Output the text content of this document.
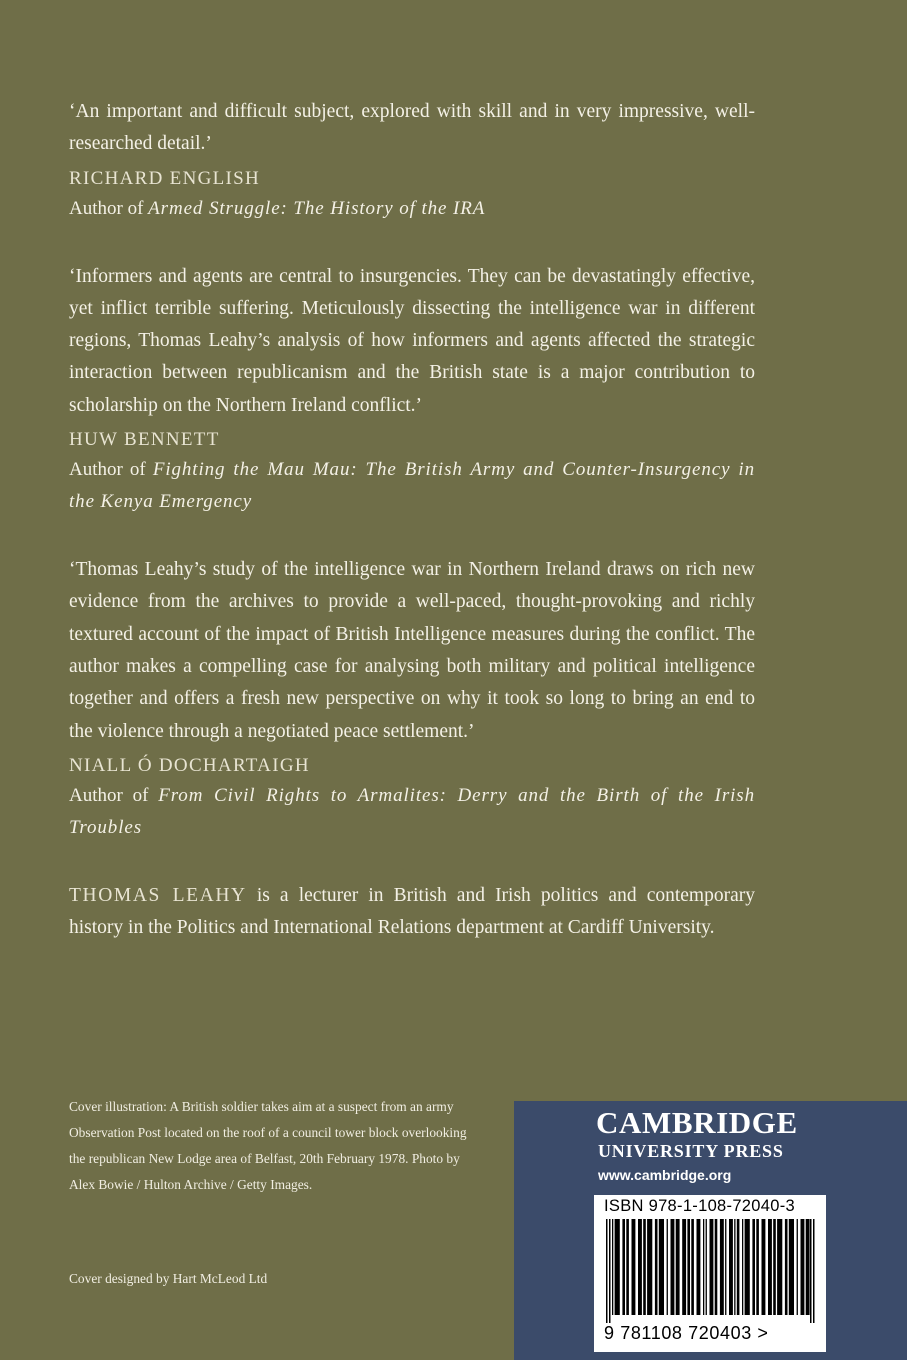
‘An important and difficult subject, explored with skill and in very impressive, well-researched detail.’

RICHARD ENGLISH

Author of Armed Struggle: The History of the IRA

‘Informers and agents are central to insurgencies. They can be devastatingly effective, yet inflict terrible suffering. Meticulously dissecting the intelligence war in different regions, Thomas Leahy’s analysis of how informers and agents affected the strategic interaction between republicanism and the British state is a major contribution to scholarship on the Northern Ireland conflict.’

HUW BENNETT

Author of Fighting the Mau Mau: The British Army and Counter-Insurgency in the Kenya Emergency

‘Thomas Leahy’s study of the intelligence war in Northern Ireland draws on rich new evidence from the archives to provide a well-paced, thought-provoking and richly textured account of the impact of British Intelligence measures during the conflict. The author makes a compelling case for analysing both military and political intelligence together and offers a fresh new perspective on why it took so long to bring an end to the violence through a negotiated peace settlement.’

NIALL Ó DOCHARTAIGH

Author of From Civil Rights to Armalites: Derry and the Birth of the Irish Troubles

THOMAS LEAHY is a lecturer in British and Irish politics and contemporary history in the Politics and International Relations department at Cardiff University.

Cover illustration: A British soldier takes aim at a suspect from an army Observation Post located on the roof of a council tower block overlooking the republican New Lodge area of Belfast, 20th February 1978. Photo by Alex Bowie / Hulton Archive / Getty Images.

Cover designed by Hart McLeod Ltd

CAMBRIDGE
UNIVERSITY PRESS
www.cambridge.org
ISBN 978-1-108-72040-3
9 781108 720403 >
